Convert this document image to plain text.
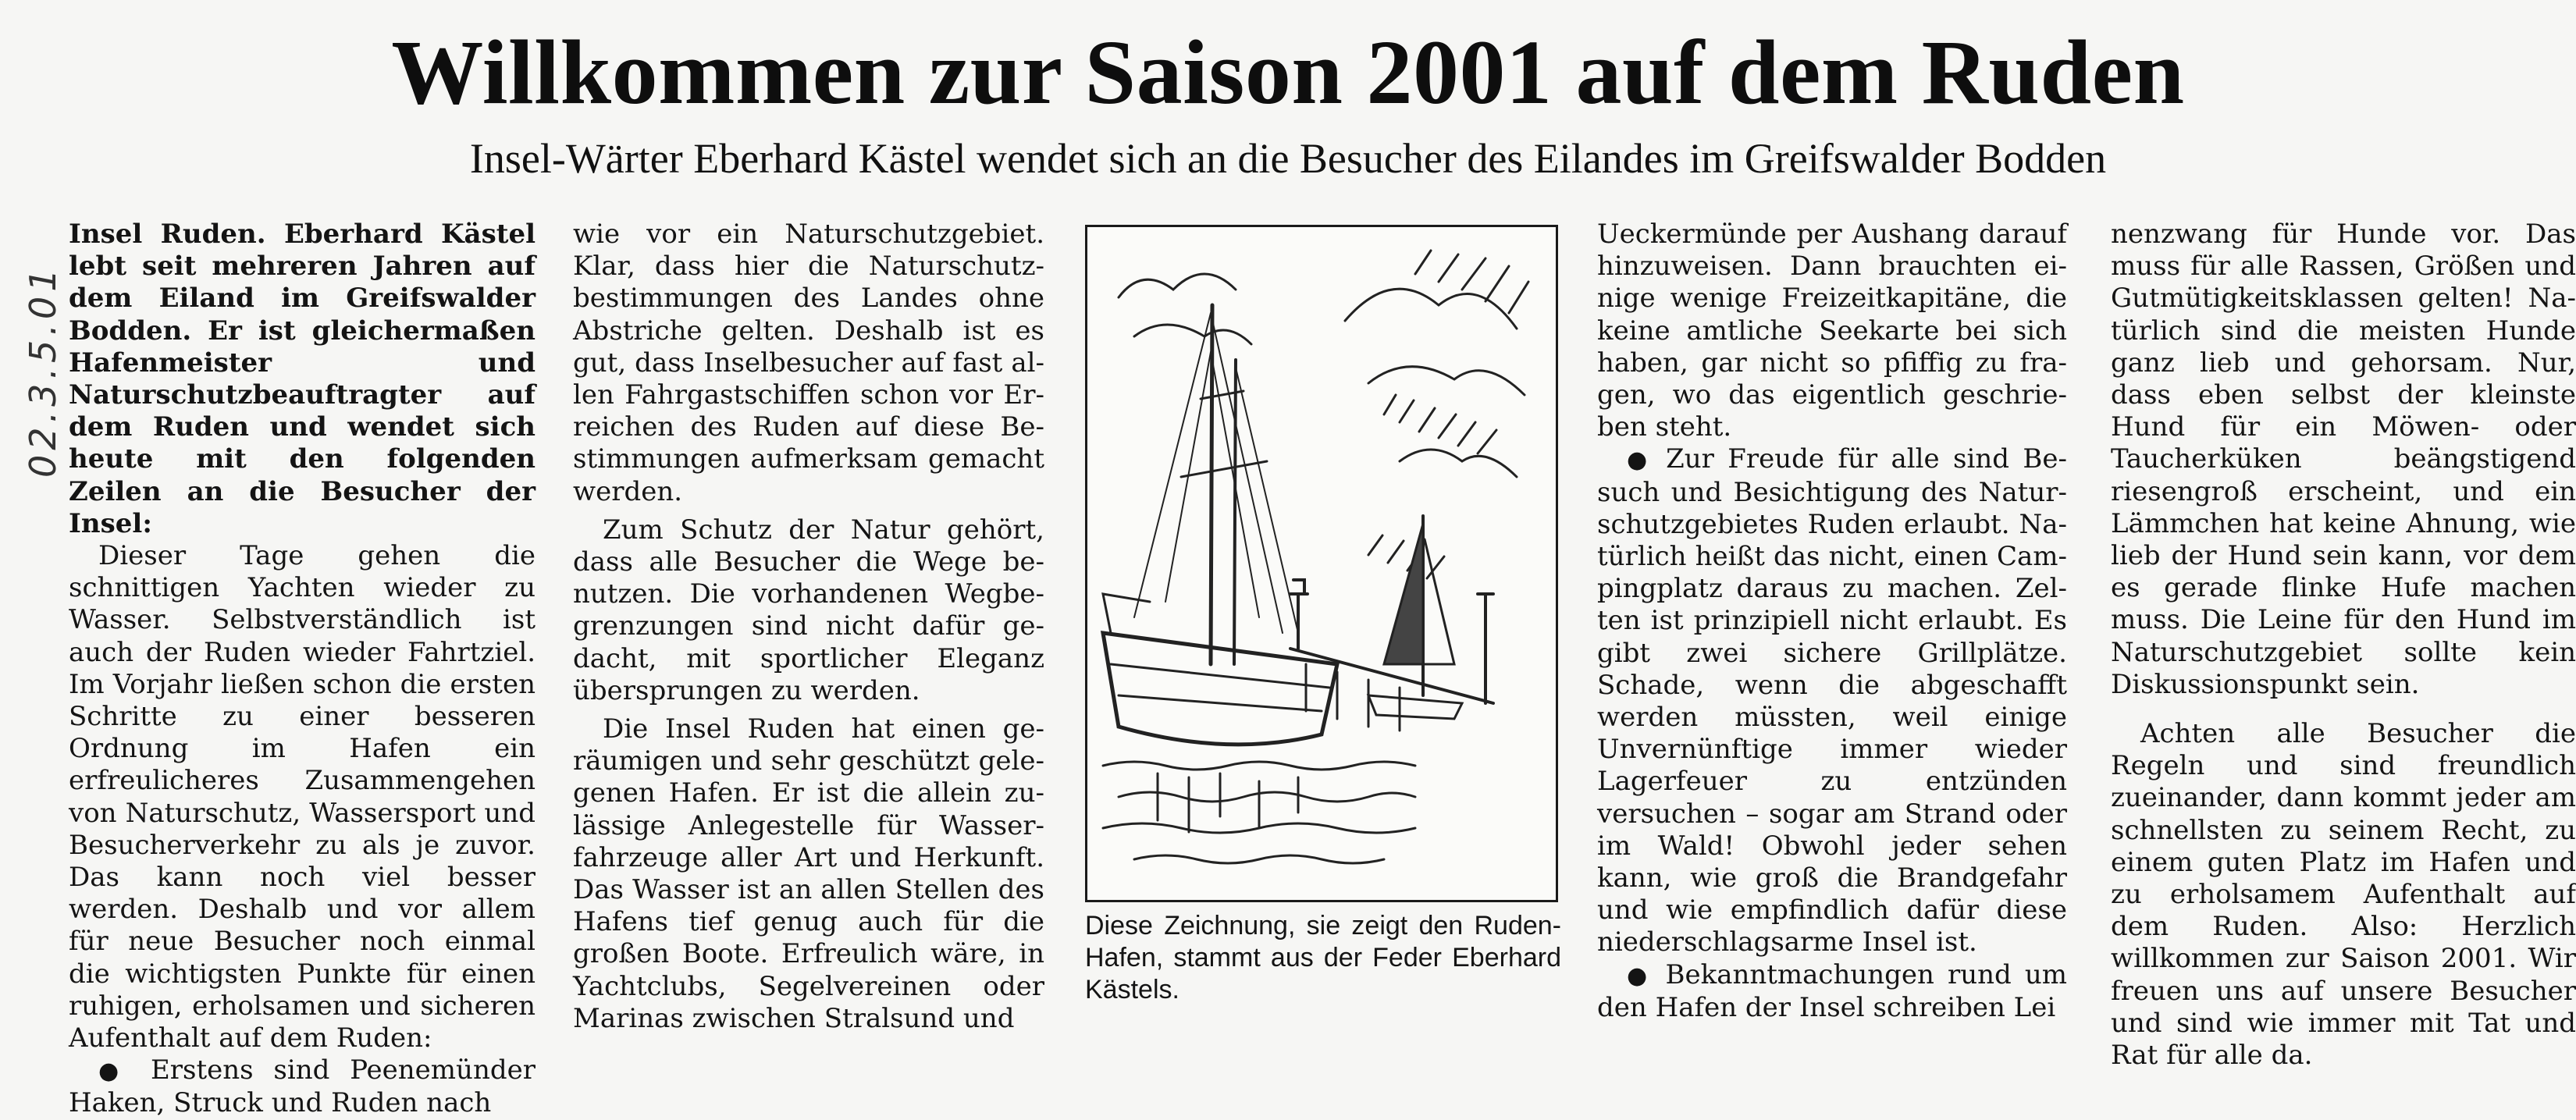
02.3.5.01
Willkommen zur Saison 2001 auf dem Ruden
Insel-Wärter Eberhard Kästel wendet sich an die Besucher des Eilandes im Greifswalder Bodden

Insel Ruden. Eberhard Kästel lebt seit mehreren Jahren auf dem Eiland im Greifswalder Bodden. Er ist gleichermaßen Hafenmeister und Naturschutzbeauftragter auf dem Ruden und wendet sich heute mit den folgenden Zeilen an die Besucher der Insel:

Dieser Tage gehen die schnittigen Yachten wieder zu Wasser. Selbstverständlich ist auch der Ruden wieder Fahrtziel. Im Vorjahr ließen schon die ersten Schritte zu einer besseren Ordnung im Hafen ein erfreulicheres Zusammengehen von Naturschutz, Wassersport und Besucherverkehr zu als je zuvor. Das kann noch viel besser werden. Deshalb und vor allem für neue Besucher noch einmal die wichtigsten Punkte für einen ruhigen, erholsamen und sicheren Aufenthalt auf dem Ruden:

● Erstens sind Peenemünder Haken, Struck und Ruden nach

wie vor ein Naturschutzgebiet. Klar, dass hier die Naturschutzbestimmungen des Landes ohne Abstriche gelten. Deshalb ist es gut, dass Inselbesucher auf fast allen Fahrgastschiffen schon vor Erreichen des Ruden auf diese Bestimmungen aufmerksam gemacht werden.

Zum Schutz der Natur gehört, dass alle Besucher die Wege benutzen. Die vorhandenen Wegbegrenzungen sind nicht dafür gedacht, mit sportlicher Eleganz übersprungen zu werden.

Die Insel Ruden hat einen geräumigen und sehr geschützt gelegenen Hafen. Er ist die allein zulässige Anlegestelle für Wasserfahrzeuge aller Art und Herkunft. Das Wasser ist an allen Stellen des Hafens tief genug auch für die großen Boote. Erfreulich wäre, in Yachtclubs, Segelvereinen oder Marinas zwischen Stralsund und

Diese Zeichnung, sie zeigt den Ruden-Hafen, stammt aus der Feder Eberhard Kästels.

Ueckermünde per Aushang darauf hinzuweisen. Dann brauchten einige wenige Freizeitkapitäne, die keine amtliche Seekarte bei sich haben, gar nicht so pfiffig zu fragen, wo das eigentlich geschrieben steht.

● Zur Freude für alle sind Besuch und Besichtigung des Naturschutzgebietes Ruden erlaubt. Natürlich heißt das nicht, einen Campingplatz daraus zu machen. Zelten ist prinzipiell nicht erlaubt. Es gibt zwei sichere Grillplätze. Schade, wenn die abgeschafft werden müssten, weil einige Unvernünftige immer wieder Lagerfeuer zu entzünden versuchen – sogar am Strand oder im Wald! Obwohl jeder sehen kann, wie groß die Brandgefahr und wie empfindlich dafür diese niederschlagsarme Insel ist.

● Bekanntmachungen rund um den Hafen der Insel schreiben Lei

nenzwang für Hunde vor. Das muss für alle Rassen, Größen und Gutmütigkeitsklassen gelten! Natürlich sind die meisten Hunde ganz lieb und gehorsam. Nur, dass eben selbst der kleinste Hund für ein Möwen- oder Taucherküken beängstigend riesengroß erscheint, und ein Lämmchen hat keine Ahnung, wie lieb der Hund sein kann, vor dem es gerade flinke Hufe machen muss. Die Leine für den Hund im Naturschutzgebiet sollte kein Diskussionspunkt sein.

Achten alle Besucher die Regeln und sind freundlich zueinander, dann kommt jeder am schnellsten zu seinem Recht, zu einem guten Platz im Hafen und zu erholsamem Aufenthalt auf dem Ruden. Also: Herzlich willkommen zur Saison 2001. Wir freuen uns auf unsere Besucher und sind wie immer mit Tat und Rat für alle da.
